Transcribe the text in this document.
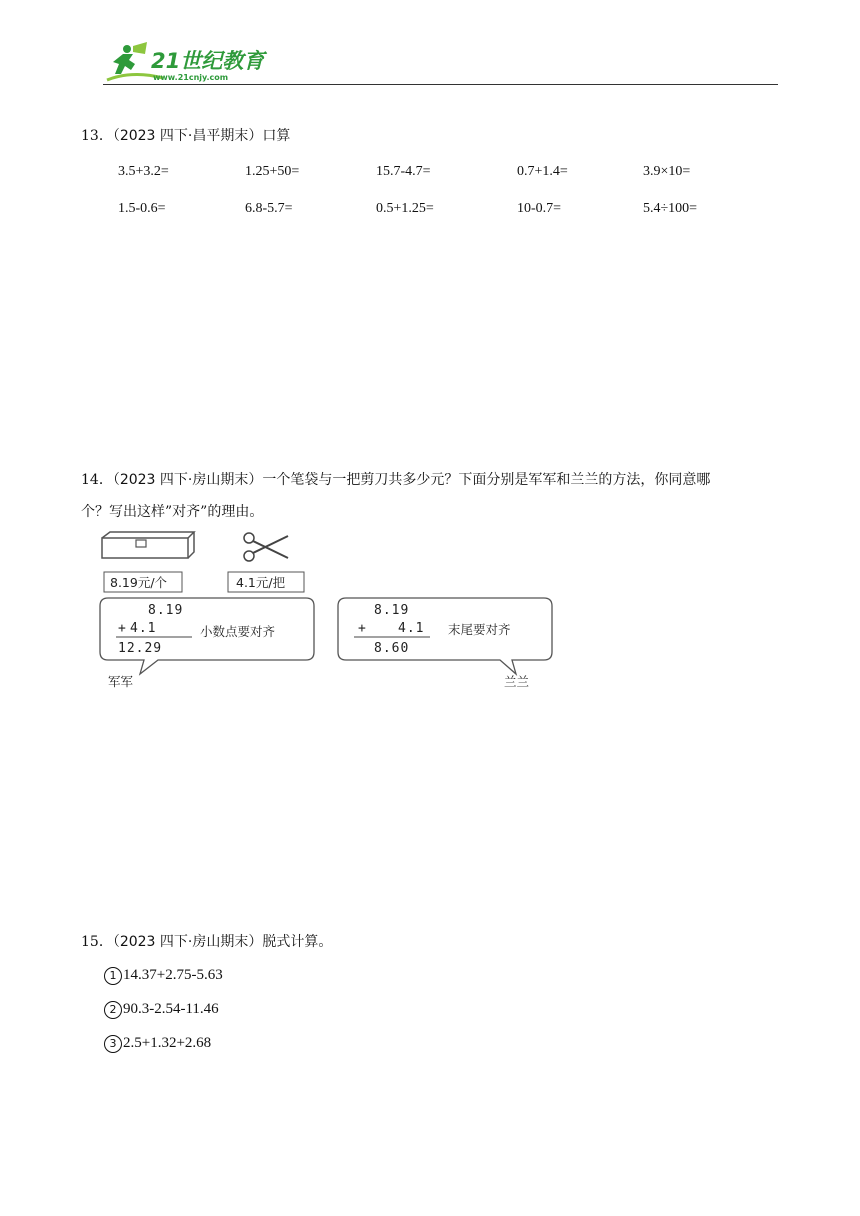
21世纪教育
www.21cnjy.com
13．（2023 四下·昌平期末）口算
3.5+3.2=	1.25+50=	15.7-4.7=	0.7+1.4=	3.9×10=
1.5-0.6=	6.8-5.7=	0.5+1.25=	10-0.7=	5.4÷100=
14．（2023 四下·房山期末）一个笔袋与一把剪刀共多少元？下面分别是军军和兰兰的方法，你同意哪
个？写出这样”对齐”的理由。
8.19元/个	4.1元/把
8.19
+ 4.1
12.29
小数点要对齐
军军
8.19
+ 4.1
8.60
末尾要对齐
兰兰
15．（2023 四下·房山期末）脱式计算。
1 14.37+2.75-5.63
2 90.3-2.54-11.46
3 2.5+1.32+2.68
